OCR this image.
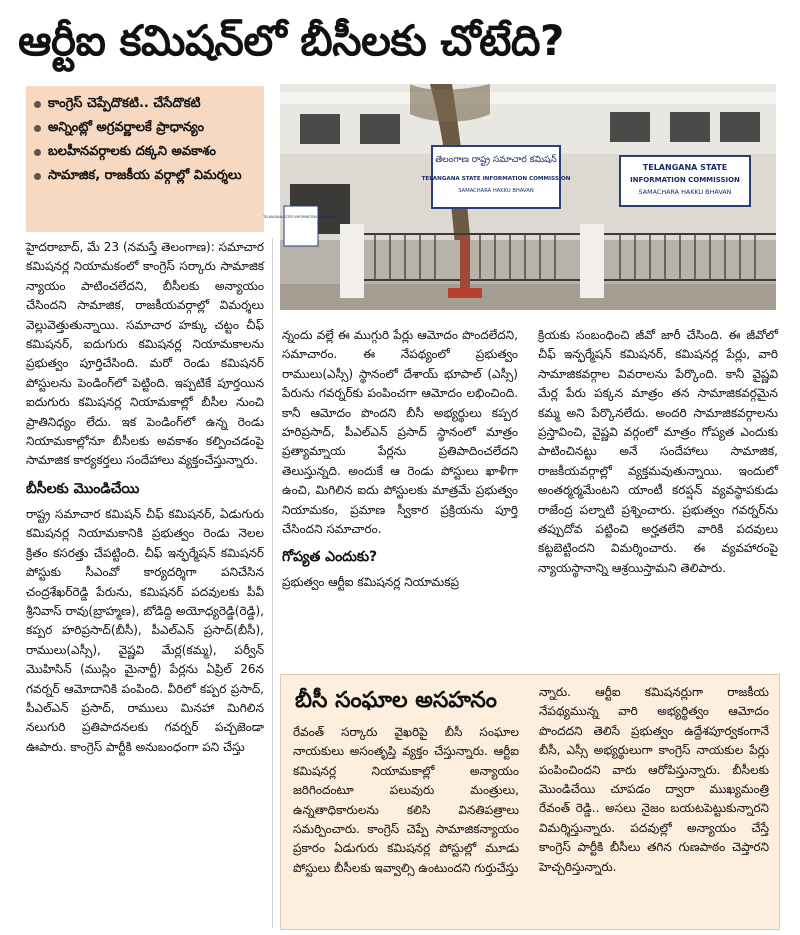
ఆర్టీఐ కమిషన్‌లో బీసీలకు చోటేది?
కాంగ్రెస్ చెప్పేదొకటి.. చేసేదొకటి
అన్నింట్లో అగ్రవర్ణాలకే ప్రాధాన్యం
బలహీనవర్గాలకు దక్కని అవకాశం
సామాజిక, రాజకీయ వర్గాల్లో విమర్శలు
తెలంగాణ రాష్ట్ర సమాచార కమిషన్
TELANGANA STATE INFORMATION COMMISSION
SAMACHARA HAKKU BHAVAN
TELANGANA STATE
INFORMATION COMMISSION
SAMACHARA HAKKU BHAVAN
TELANGANA STATE INFORMATION COMMISSION

హైదరాబాద్, మే 23 (నమస్తే తెలంగాణ): సమాచార కమిషనర్ల నియామకంలో కాంగ్రెస్ సర్కారు సామాజిక న్యాయం పాటించలేదని, బీసీలకు అన్యాయం చేసిందని సామాజిక, రాజకీయవర్గాల్లో విమర్శలు వెల్లువెత్తుతున్నాయి. సమాచార హక్కు చట్టం చీఫ్ కమిషనర్, ఐదుగురు కమిషనర్ల నియామకాలను ప్రభుత్వం పూర్తిచేసింది. మరో రెండు కమిషనర్ పోస్టులను పెండింగ్‌లో పెట్టింది. ఇప్పటికే పూర్తయిన ఐదుగురు కమిషనర్ల నియామకాల్లో బీసీల నుంచి ప్రాతినిధ్యం లేదు. ఇక పెండింగ్‌లో ఉన్న రెండు నియామకాల్లోనూ బీసీలకు అవకాశం కల్పించడంపై సామాజిక కార్యకర్తలు సందేహాలు వ్యక్తంచేస్తున్నారు.

బీసీలకు మొండిచేయి

రాష్ట్ర సమాచార కమిషన్ చీఫ్ కమిషనర్, ఏడుగురు కమిషనర్ల నియామకానికి ప్రభుత్వం రెండు నెలల క్రితం కసరత్తు చేపట్టింది. చీఫ్ ఇన్ఫర్మేషన్ కమిషనర్ పోస్టుకు సీఎంవో కార్యదర్శిగా పనిచేసిన చంద్రశేఖర్‌రెడ్డి పేరును, కమిషనర్ పదవులకు పీవీ శ్రీనివాస్ రావు(బ్రాహ్మణ), బోడిద్ది అయోధ్యరెడ్డి(రెడ్డి), కప్పర హరిప్రసాద్(బీసీ), పీఎల్‌ఎన్ ప్రసాద్(బీసీ), రాములు(ఎస్సీ), వైష్ణవి మేర్ల(కమ్మ), పర్వీన్ మొహిసిన్ (ముస్లిం మైనార్టీ) పేర్లను ఏప్రిల్ 26న గవర్నర్ ఆమోదానికి పంపింది. వీరిలో కప్పర ప్రసాద్, పీఎల్‌ఎన్ ప్రసాద్, రాములు మినహా మిగిలిన నలుగురి ప్రతిపాదనలకు గవర్నర్ పచ్చజెండా ఊపారు. కాంగ్రెస్ పార్టీకి అనుబంధంగా పని చేస్తు

న్నందు వల్లే ఈ ముగ్గురి పేర్లు ఆమోదం పొందలేదని, సమాచారం. ఈ నేపథ్యంలో ప్రభుత్వం రాములు(ఎస్సీ) స్థానంలో దేశాయ్ భూపాల్ (ఎస్సీ) పేరును గవర్నర్‌కు పంపించగా ఆమోదం లభించింది. కానీ ఆమోదం పొందని బీసీ అభ్యర్థులు కప్పర హరిప్రసాద్, పీఎల్‌ఎన్ ప్రసాద్ స్థానంలో మాత్రం ప్రత్యామ్నాయ పేర్లను ప్రతిపాదించలేదని తెలుస్తున్నది. అందుకే ఆ రెండు పోస్టులు ఖాళీగా ఉంచి, మిగిలిన ఐదు పోస్టులకు మాత్రమే ప్రభుత్వం నియామకం, ప్రమాణ స్వీకార ప్రక్రియను పూర్తి చేసిందని సమాచారం.

గోప్యత ఎందుకు?

ప్రభుత్వం ఆర్టీఐ కమిషనర్ల నియామకప్ర

క్రియకు సంబంధించి జీవో జారీ చేసింది. ఈ జీవోలో చీఫ్ ఇన్ఫర్మేషన్ కమిషనర్, కమిషనర్ల పేర్లు, వారి సామాజికవర్గాల వివరాలను పేర్కొంది. కానీ వైష్ణవి మేర్ల పేరు పక్కన మాత్రం తన సామాజికవర్గమైన కమ్మ అని పేర్కొనలేదు. అందరి సామాజికవర్గాలను ప్రస్తావించి, వైష్ణవి వర్గంలో మాత్రం గోప్యత ఎందుకు పాటించినట్టు అనే సందేహాలు సామాజిక, రాజకీయవర్గాల్లో వ్యక్తమవుతున్నాయి. ఇందులో అంతర్మర్మమేంటని యాంటీ కరప్షన్ వ్యవస్థాపకుడు రాజేంద్ర పల్నాటి ప్రశ్నించారు. ప్రభుత్వం గవర్నర్‌ను తప్పుదోవ పట్టించి అర్హతలేని వారికి పదవులు కట్టబెట్టిందని విమర్శించారు. ఈ వ్యవహారంపై న్యాయస్థానాన్ని ఆశ్రయిస్తామని తెలిపారు.

బీసీ సంఘాల అసహనం
రేవంత్ సర్కారు వైఖరిపై బీసీ సంఘాల నాయకులు అసంతృప్తి వ్యక్తం చేస్తున్నారు. ఆర్టీఐ కమిషనర్ల నియామకాల్లో అన్యాయం జరిగిందంటూ పలువురు మంత్రులు, ఉన్నతాధికారులను కలిసి వినతిపత్రాలు సమర్పించారు. కాంగ్రెస్ చెప్పే సామాజికన్యాయం ప్రకారం ఏడుగురు కమిషనర్ల పోస్టుల్లో మూడు పోస్టులు బీసీలకు ఇవ్వాల్సి ఉంటుందని గుర్తుచేస్తు
న్నారు. ఆర్టీఐ కమిషనర్లుగా రాజకీయ నేపథ్యమున్న వారి అభ్యర్థిత్వం ఆమోదం పొందదని తెలిసే ప్రభుత్వం ఉద్దేశపూర్వకంగానే బీసీ, ఎస్సీ అభ్యర్థులుగా కాంగ్రెస్ నాయకుల పేర్లు పంపించిందని వారు ఆరోపిస్తున్నారు. బీసీలకు మొండిచేయి చూపడం ద్వారా ముఖ్యమంత్రి రేవంత్ రెడ్డి.. అసలు నైజం బయటపెట్టుకున్నారని విమర్శిస్తున్నారు. పదవుల్లో అన్యాయం చేస్తే కాంగ్రెస్ పార్టీకి బీసీలు తగిన గుణపాఠం చెప్తారని హెచ్చరిస్తున్నారు.
